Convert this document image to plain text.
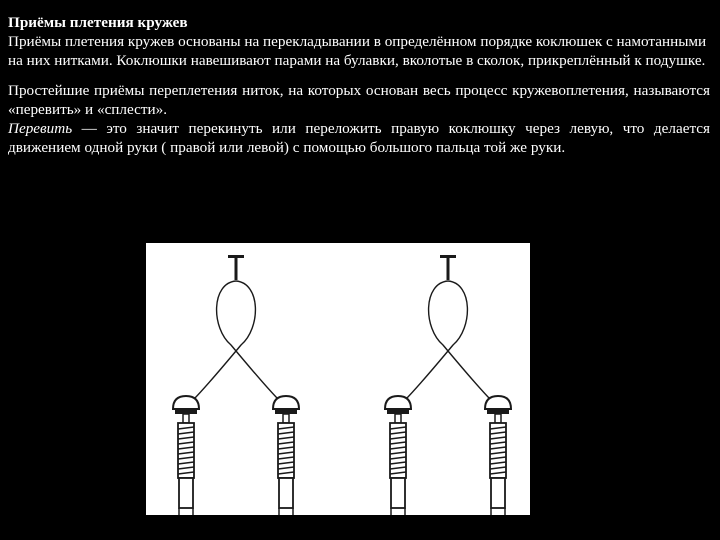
Приёмы плетения кружев

Приёмы плетения кружев основаны на перекладывании в определённом порядке коклюшек с намотанными на них нитками. Коклюшки навешивают парами на булавки, вколотые в сколок, прикреплённый к подушке.

Простейшие приёмы переплетения ниток, на которых основан весь процесс кружевоплетения, называются «перевить» и «сплести».

Перевить — это значит перекинуть или переложить правую коклюшку через левую, что делается движением одной руки ( правой или левой) с помощью большого пальца той же руки.
